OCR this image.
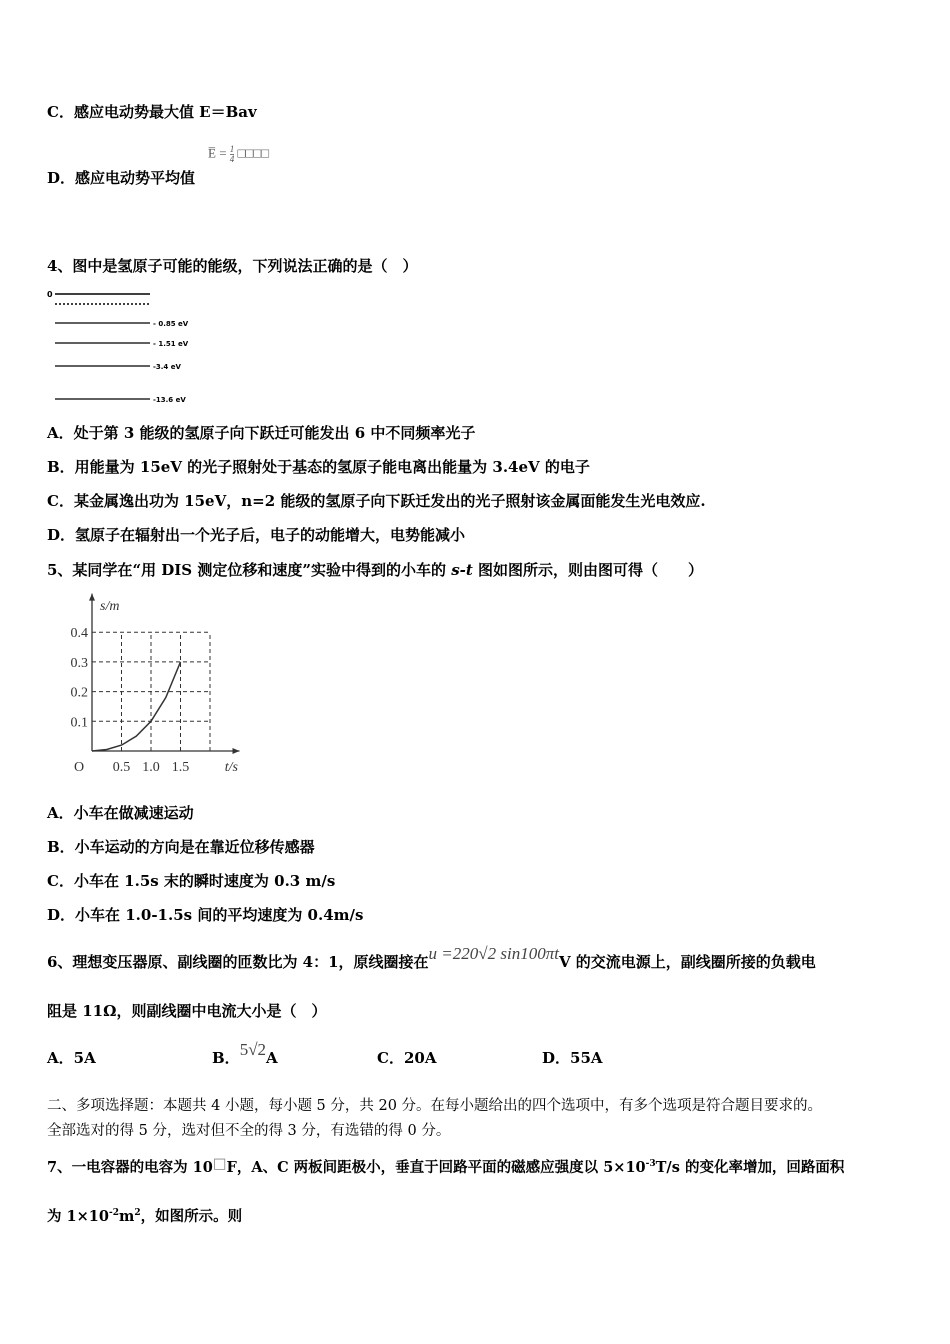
C．感应电动势最大值 E＝Bav
E̅ = $\frac{1}{4}$ □□□□
D．感应电动势平均值
4、图中是氢原子可能的能级，下列说法正确的是（　）
0
- 0.85 eV
- 1.51 eV
-3.4 eV
-13.6 eV
A．处于第 3 能级的氢原子向下跃迁可能发出 6 中不同频率光子
B．用能量为 15eV 的光子照射处于基态的氢原子能电离出能量为 3.4eV 的电子
C．某金属逸出功为 15eV，n=2 能级的氢原子向下跃迁发出的光子照射该金属面能发生光电效应.
D．氢原子在辐射出一个光子后，电子的动能增大，电势能减小
5、某同学在“用 DIS 测定位移和速度”实验中得到的小车的 s-t 图如图所示，则由图可得（　　）
0.5 1.0 1.5
0.1
0.2
0.3
0.4
s/m
t/s
O
A．小车在做减速运动
B．小车运动的方向是在靠近位移传感器
C．小车在 1.5s 末的瞬时速度为 0.3 m/s
D．小车在 1.0-1.5s 间的平均速度为 0.4m/s
6、理想变压器原、副线圈的匝数比为 4：1，原线圈接在u =220√2 sin100πtV 的交流电源上，副线圈所接的负载电
阻是 11Ω，则副线圈中电流大小是（　）
A．5A	B．5√2A	C．20A	D．55A
二、多项选择题：本题共 4 小题，每小题 5 分，共 20 分。在每小题给出的四个选项中，有多个选项是符合题目要求的。
全部选对的得 5 分，选对但不全的得 3 分，有选错的得 0 分。
7、一电容器的电容为 10□F，A、C 两板间距极小，垂直于回路平面的磁感应强度以 $5\times 10^{-3}T/s$ 的变化率增加，回路面积
为 $1\times 10^{-2}m^2$，如图所示。则
